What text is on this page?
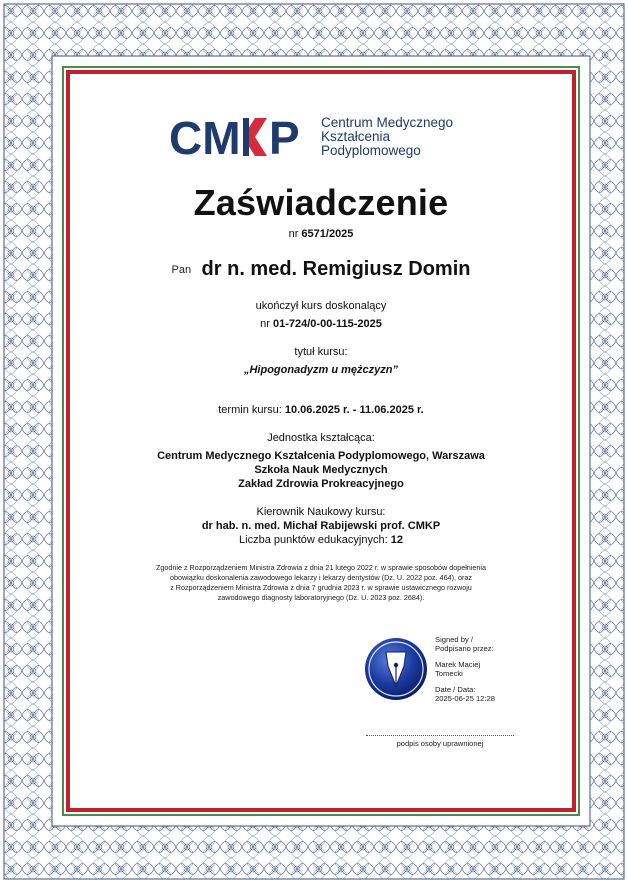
CM P Centrum Medycznego
Kształcenia
Podyplomowego
Zaświadczenie
nr 6571/2025
Pan dr n. med. Remigiusz Domin
ukończył kurs doskonalący
nr 01-724/0-00-115-2025
tytuł kursu:
„Hipogonadyzm u mężczyzn”
termin kursu: 10.06.2025 r. - 11.06.2025 r.
Jednostka kształcąca:
Centrum Medycznego Kształcenia Podyplomowego, Warszawa
Szkoła Nauk Medycznych
Zakład Zdrowia Prokreacyjnego
Kierownik Naukowy kursu:
dr hab. n. med. Michał Rabijewski prof. CMKP
Liczba punktów edukacyjnych: 12
Zgodnie z Rozporządzeniem Ministra Zdrowia z dnia 21 lutego 2022 r. w sprawie sposobów dopełnienia
obowiązku doskonalenia zawodowego lekarzy i lekarzy dentystów (Dz. U. 2022 poz. 464), oraz
z Rozporządzeniem Ministra Zdrowia z dnia 7 grudnia 2023 r. w sprawie ustawicznego rozwoju
zawodowego diagnosty laboratoryjnego (Dz. U. 2023 poz. 2684).
Signed by /
Podpisano przez:
Marek Maciej
Tomecki
Date / Data:
2025-06-25 12:28
podpis osoby uprawnionej
